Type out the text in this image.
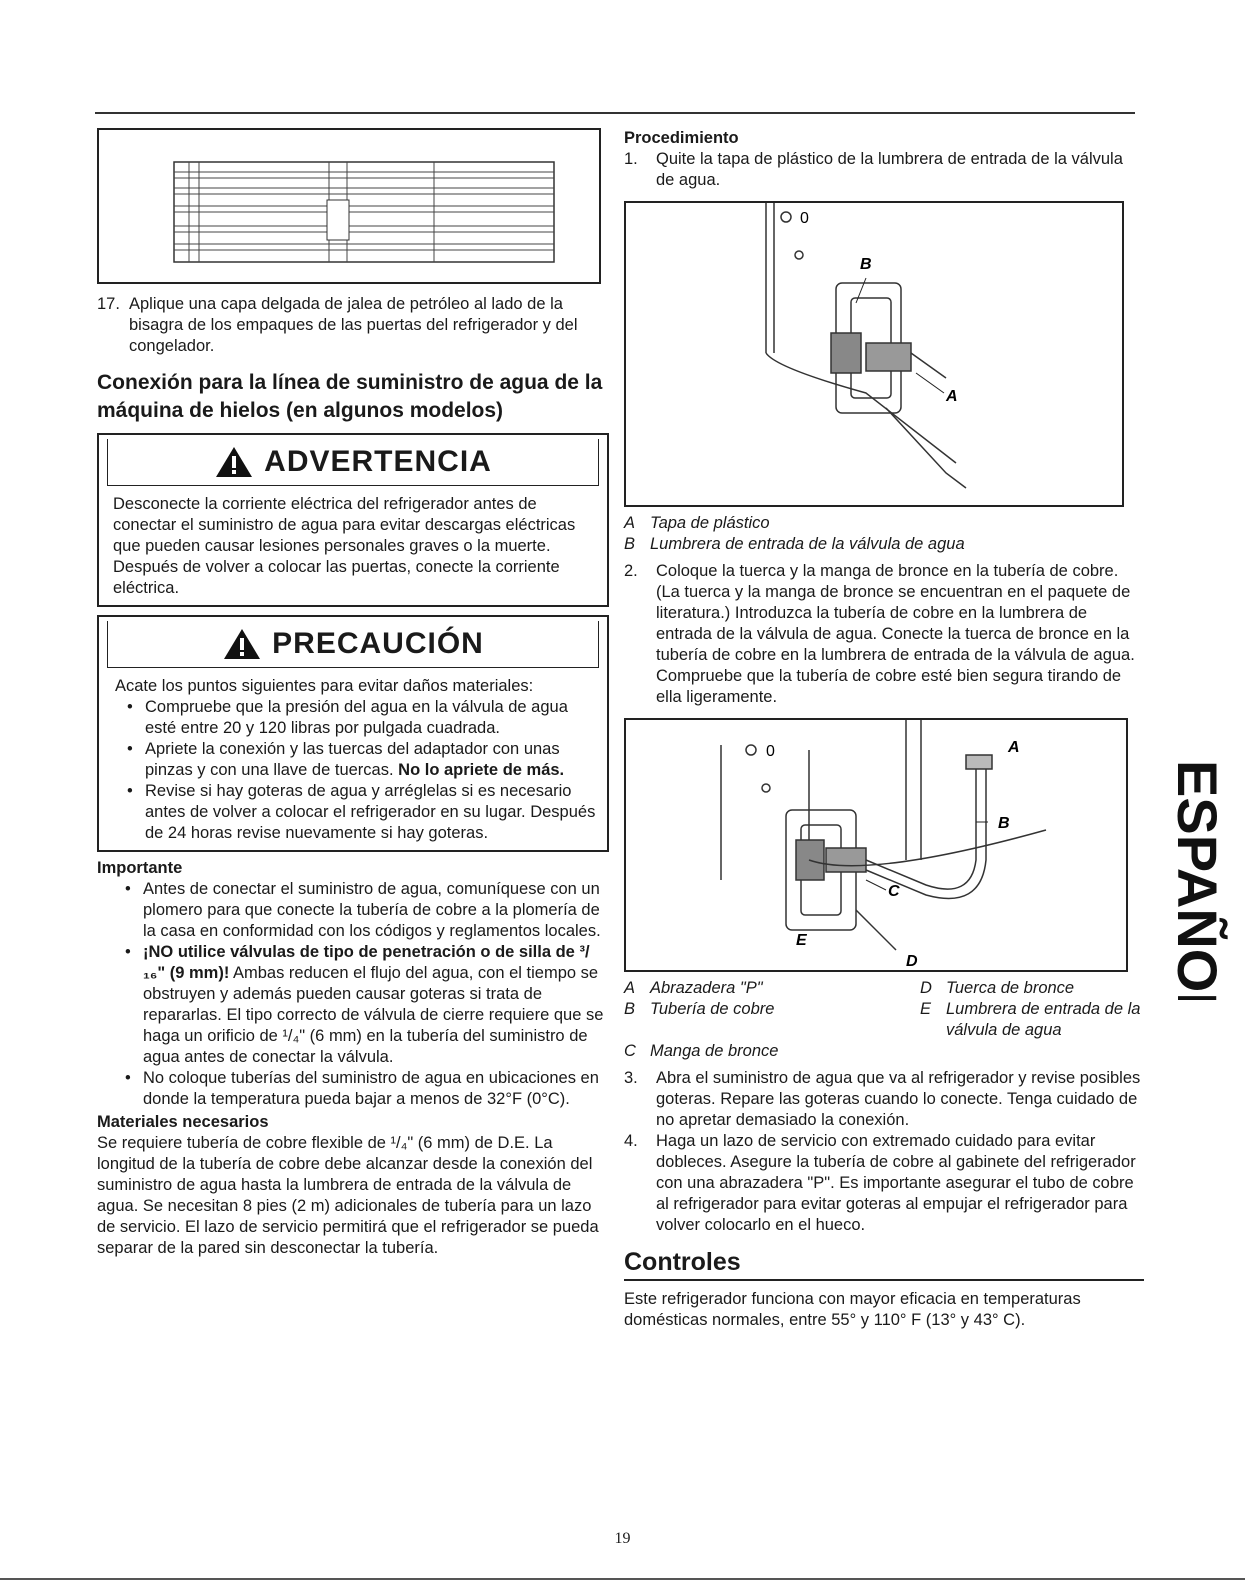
17. Aplique una capa delgada de jalea de petróleo al lado de la bisagra de los empaques de las puertas del refrigerador y del congelador.
Conexión para la línea de suministro de agua de la máquina de hielos (en algunos modelos)
ADVERTENCIA
Desconecte la corriente eléctrica del refrigerador antes de conectar el suministro de agua para evitar descargas eléctricas que pueden causar lesiones personales graves o la muerte. Después de volver a colocar las puertas, conecte la corriente eléctrica.
PRECAUCIÓN

Acate los puntos siguientes para evitar daños materiales:

• Compruebe que la presión del agua en la válvula de agua esté entre 20 y 120 libras por pulgada cuadrada.
• Apriete la conexión y las tuercas del adaptador con unas pinzas y con una llave de tuercas. No lo apriete de más.
• Revise si hay goteras de agua y arréglelas si es necesario antes de volver a colocar el refrigerador en su lugar. Después de 24 horas revise nuevamente si hay goteras.
Importante
• Antes de conectar el suministro de agua, comuníquese con un plomero para que conecte la tubería de cobre a la plomería de la casa en conformidad con los códigos y reglamentos locales.
• ¡NO utilice válvulas de tipo de penetración o de silla de ³/₁₆" (9 mm)! Ambas reducen el flujo del agua, con el tiempo se obstruyen y además pueden causar goteras si trata de repararlas. El tipo correcto de válvula de cierre requiere que se haga un orificio de ¹/₄" (6 mm) en la tubería del suministro de agua antes de conectar la válvula.
• No coloque tuberías del suministro de agua en ubicaciones en donde la temperatura pueda bajar a menos de 32°F (0°C).
Materiales necesarios

Se requiere tubería de cobre flexible de ¹/₄" (6 mm) de D.E. La longitud de la tubería de cobre debe alcanzar desde la conexión del suministro de agua hasta la lumbrera de entrada de la válvula de agua. Se necesitan 8 pies (2 m) adicionales de tubería para un lazo de servicio. El lazo de servicio permitirá que el refrigerador se pueda separar de la pared sin desconectar la tubería.

Procedimiento
1.	Quite la tapa de plástico de la lumbrera de entrada de la válvula de agua.
0
B
A
A Tapa de plástico
B Lumbrera de entrada de la válvula de agua
2.	Coloque la tuerca y la manga de bronce en la tubería de cobre. (La tuerca y la manga de bronce se encuentran en el paquete de literatura.) Introduzca la tubería de cobre en la lumbrera de entrada de la válvula de agua. Conecte la tuerca de bronce en la tubería de cobre en la lumbrera de entrada de la válvula de agua. Compruebe que la tubería de cobre esté bien segura tirando de ella ligeramente.
0	A
B
C
D
E
A Abrazadera "P"	D Tuerca de bronce
B Tubería de cobre	E Lumbrera de entrada de la válvula de agua
C Manga de bronce
3.	Abra el suministro de agua que va al refrigerador y revise posibles goteras. Repare las goteras cuando lo conecte. Tenga cuidado de no apretar demasiado la conexión.
4.	Haga un lazo de servicio con extremado cuidado para evitar dobleces. Asegure la tubería de cobre al gabinete del refrigerador con una abrazadera "P". Es importante asegurar el tubo de cobre al refrigerador para evitar goteras al empujar el refrigerador para volver colocarlo en el hueco.
Controles

Este refrigerador funciona con mayor eficacia en temperaturas domésticas normales, entre 55° y 110° F (13° y 43° C).

ESPAÑOL
19
